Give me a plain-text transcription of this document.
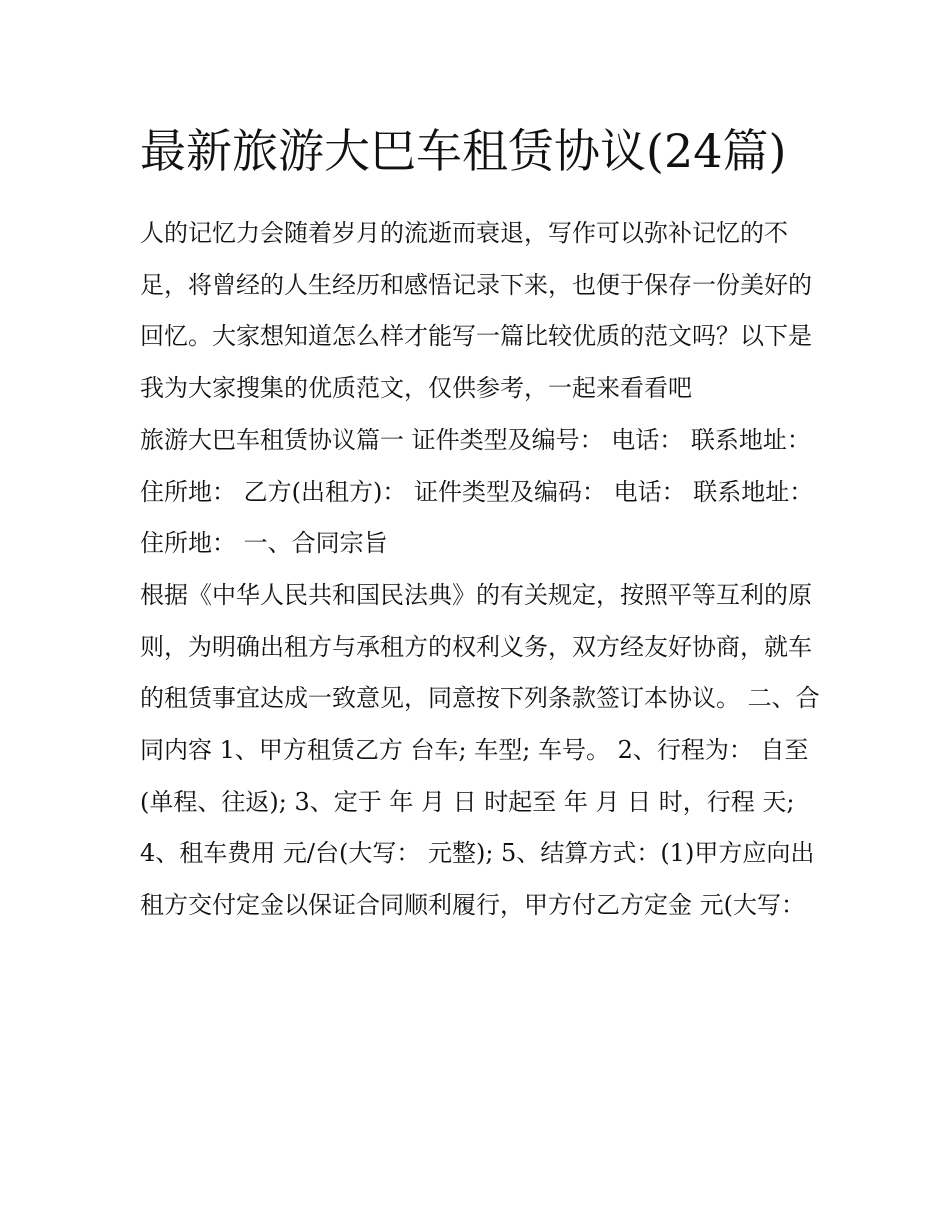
最新旅游大巴车租赁协议(24篇)

人的记忆力会随着岁月的流逝而衰退，写作可以弥补记忆的不足，将曾经的人生经历和感悟记录下来，也便于保存一份美好的回忆。大家想知道怎么样才能写一篇比较优质的范文吗？以下是我为大家搜集的优质范文，仅供参考，一起来看看吧

旅游大巴车租赁协议篇一 证件类型及编号： 电话： 联系地址： 住所地： 乙方(出租方)： 证件类型及编码： 电话： 联系地址： 住所地： 一、合同宗旨

根据《中华人民共和国民法典》的有关规定，按照平等互利的原则，为明确出租方与承租方的权利义务，双方经友好协商，就车的租赁事宜达成一致意见，同意按下列条款签订本协议。 二、合同内容 1、甲方租赁乙方 台车; 车型; 车号。 2、行程为： 自至 (单程、往返); 3、定于 年 月 日 时起至 年 月 日 时，行程 天;

4、租车费用 元/台(大写： 元整); 5、结算方式：(1)甲方应向出租方交付定金以保证合同顺利履行，甲方付乙方定金 元(大写：
